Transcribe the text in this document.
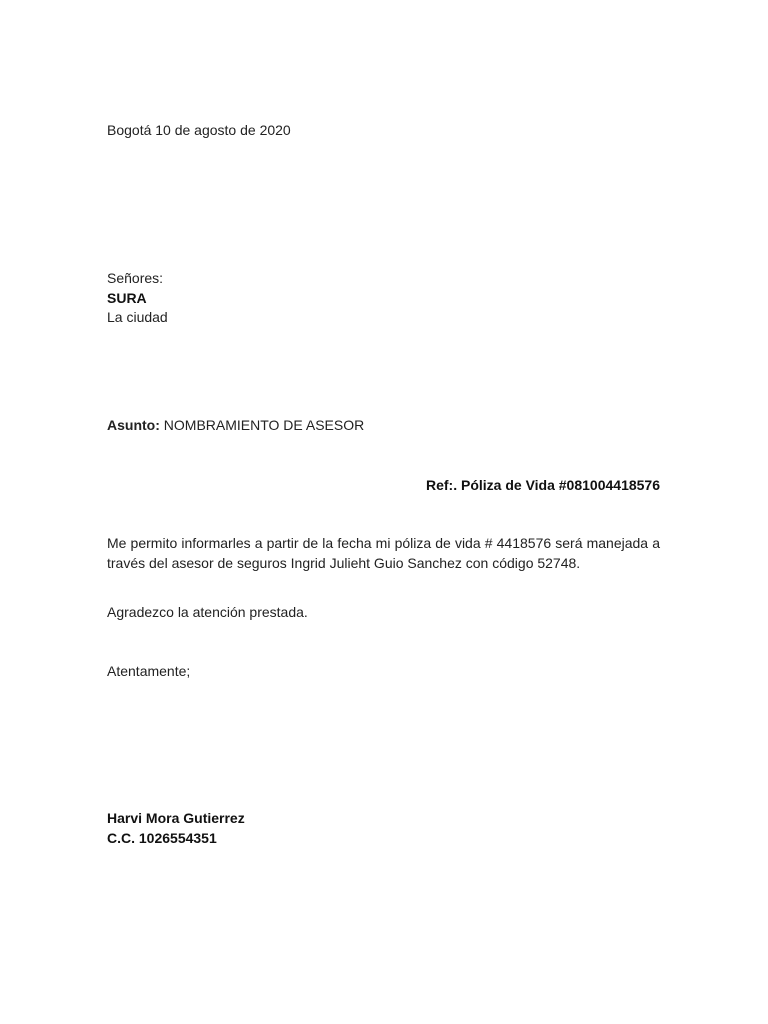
Bogotá 10 de agosto de 2020
Señores:
SURA
La ciudad
Asunto: NOMBRAMIENTO DE ASESOR
Ref:. Póliza de Vida #081004418576

Me permito informarles a partir de la fecha mi póliza de vida # 4418576 será manejada a través del asesor de seguros Ingrid Julieht Guio Sanchez con código 52748.

Agradezco la atención prestada.
Atentamente;
Harvi Mora Gutierrez
C.C. 1026554351
